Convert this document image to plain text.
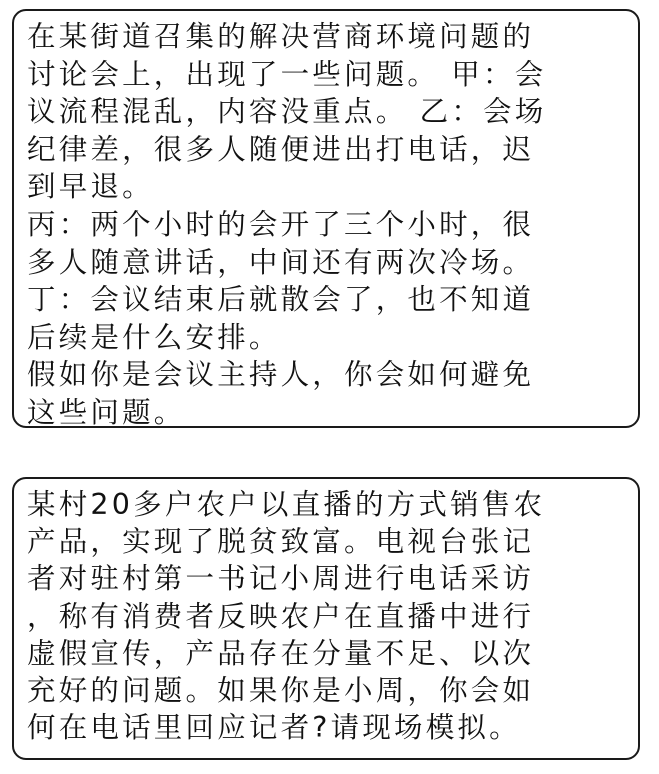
在某街道召集的解决营商环境问题的
讨论会上，出现了一些问题。 甲：会
议流程混乱，内容没重点。 乙：会场
纪律差，很多人随便进出打电话，迟
到早退。
丙：两个小时的会开了三个小时，很
多人随意讲话，中间还有两次冷场。
丁：会议结束后就散会了，也不知道
后续是什么安排。
假如你是会议主持人，你会如何避免
这些问题。
某村20多户农户以直播的方式销售农
产品，实现了脱贫致富。电视台张记
者对驻村第一书记小周进行电话采访
，称有消费者反映农户在直播中进行
虚假宣传，产品存在分量不足、以次
充好的问题。如果你是小周，你会如
何在电话里回应记者?请现场模拟。
